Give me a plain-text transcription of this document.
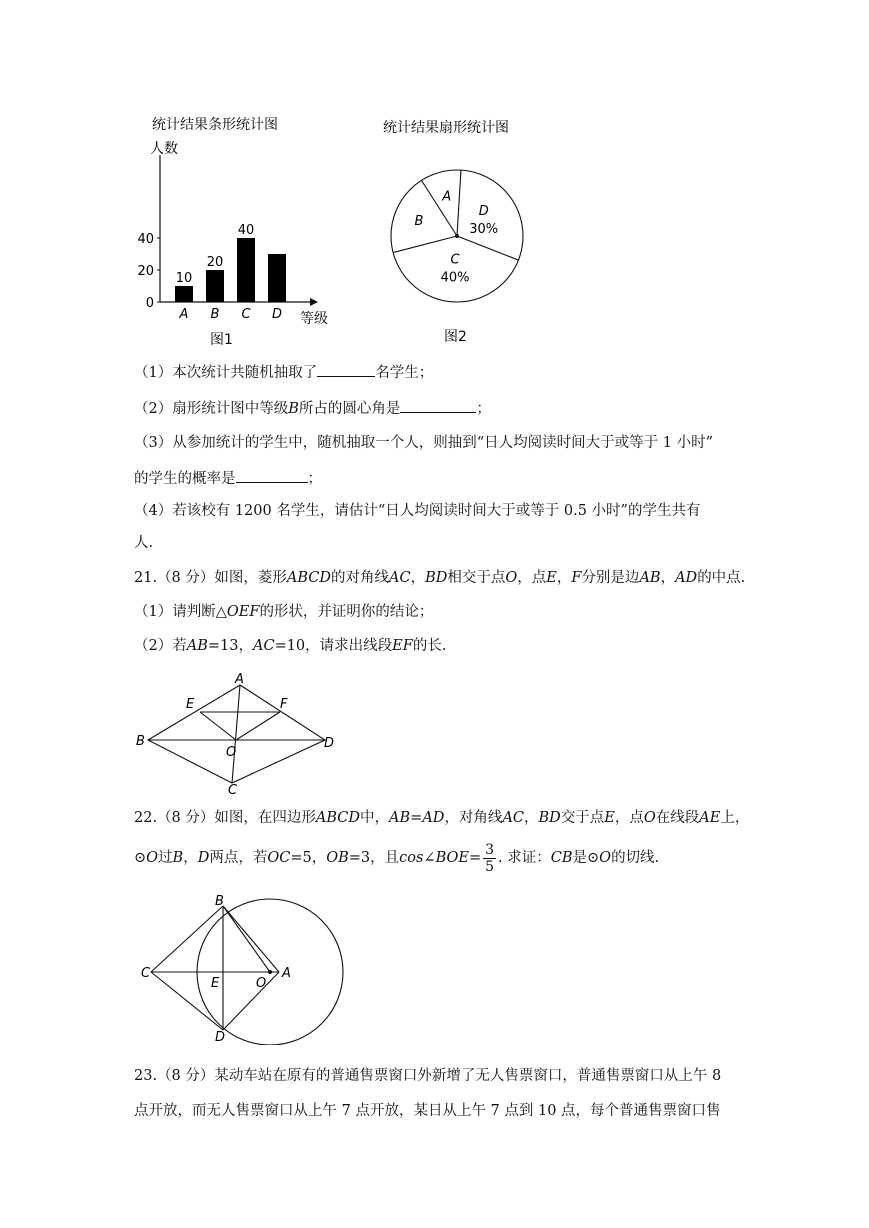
统计结果条形统计图
人数
0
20
40
10
A
20
B
40
C D 等级
图1
统计结果扇形统计图
D
30%
C
40%
B
A
图2
（1）本次统计共随机抽取了	名学生；
（2）扇形统计图中等级B所占的圆心角是	；
（3）从参加统计的学生中，随机抽取一个人，则抽到“日人均阅读时间大于或等于 1 小时”
的学生的概率是	；
（4）若该校有 1200 名学生，请估计“日人均阅读时间大于或等于 0.5 小时”的学生共有
人.
21.（8 分）如图，菱形ABCD的对角线AC，BD相交于点O，点E，F分别是边AB，AD的中点.
（1）请判断△OEF的形状，并证明你的结论；
（2）若AB=13，AC=10，请求出线段EF的长.
A
E	F
B
O
D
C
22.（8 分）如图，在四边形ABCD中，AB=AD，对角线AC，BD交于点E，点O在线段AE上，
⊙O过B，D两点，若OC=5，OB=3，且cos∠BOE= $\frac{3}{5}$ . 求证：CB是⊙O的切线.
B
C
E	O
A
D
23.（8 分）某动车站在原有的普通售票窗口外新增了无人售票窗口，普通售票窗口从上午 8
点开放，而无人售票窗口从上午 7 点开放，某日从上午 7 点到 10 点，每个普通售票窗口售
